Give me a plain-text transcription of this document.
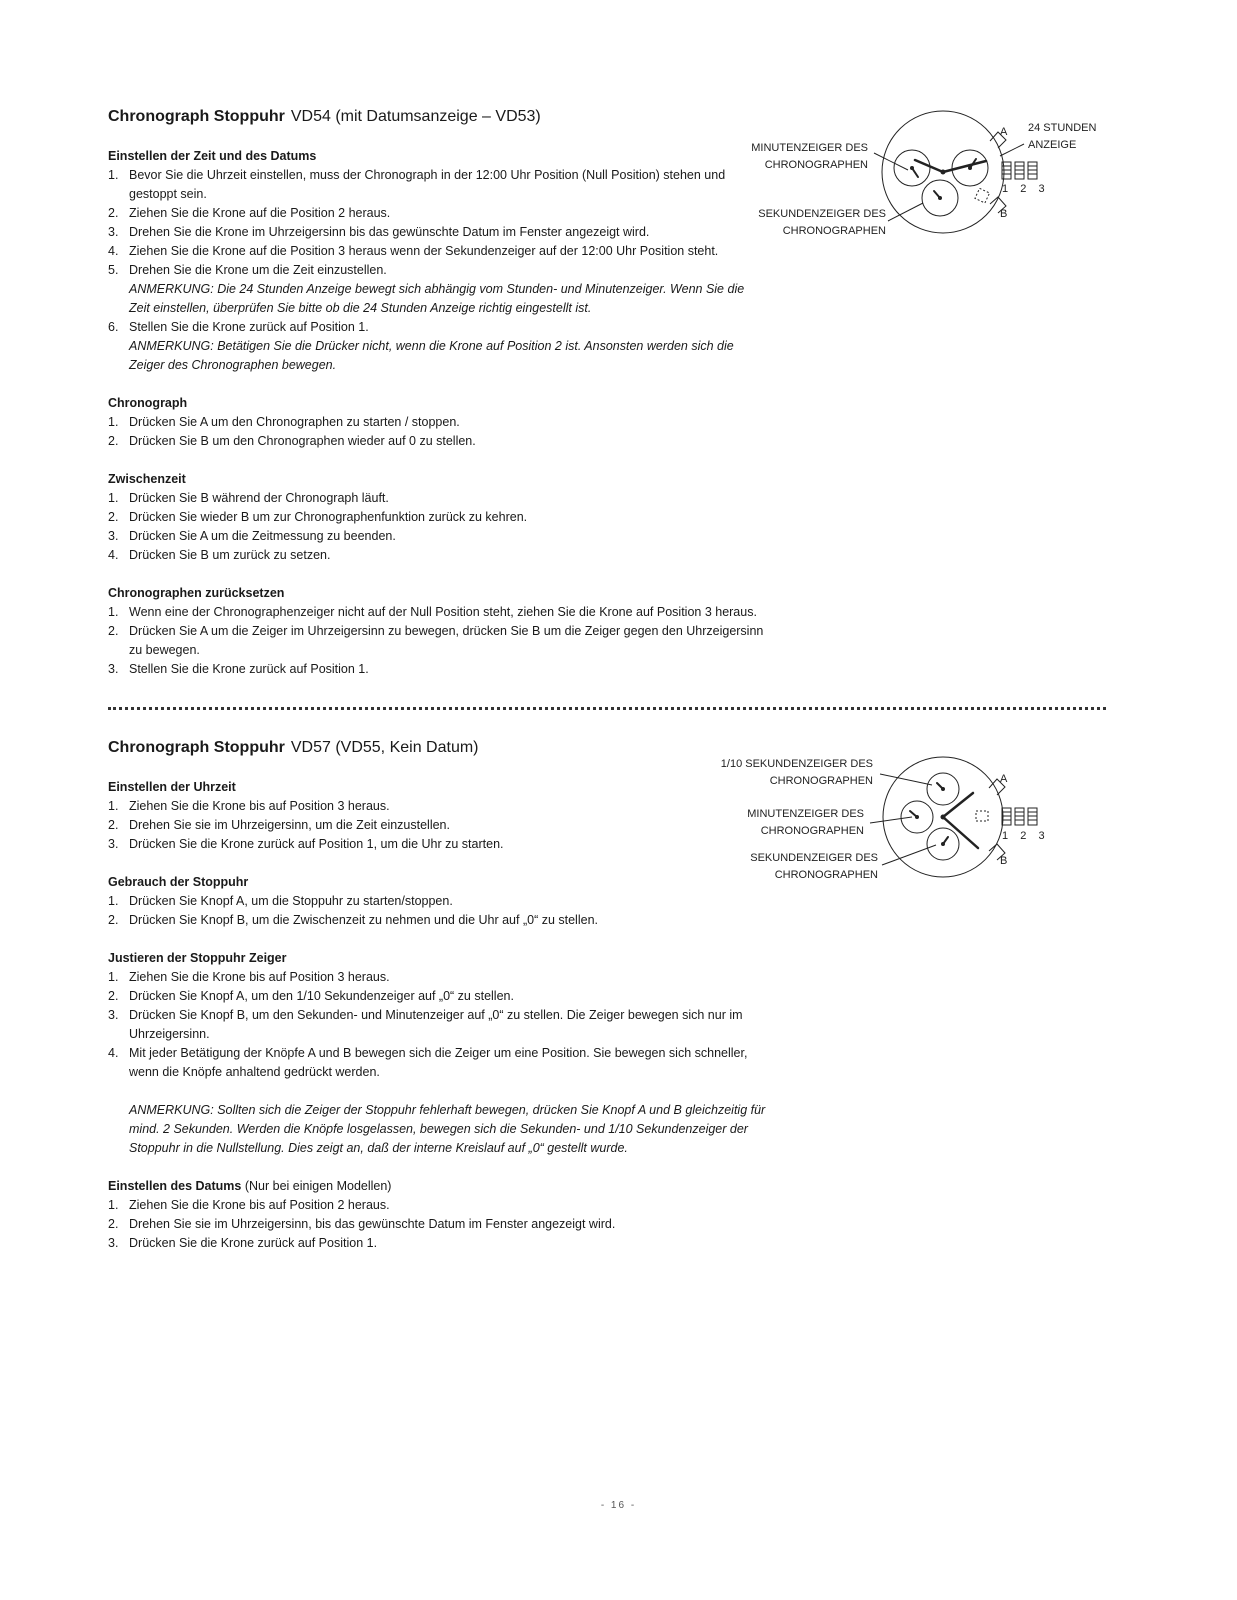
Chronograph Stoppuhr VD54 (mit Datumsanzeige – VD53)

Einstellen der Zeit und des Datums

1. Bevor Sie die Uhrzeit einstellen, muss der Chronograph in der 12:00 Uhr Position (Null Position) stehen und gestoppt sein.
2. Ziehen Sie die Krone auf die Position 2 heraus.
3. Drehen Sie die Krone im Uhrzeigersinn bis das gewünschte Datum im Fenster angezeigt wird.
4. Ziehen Sie die Krone auf die Position 3 heraus wenn der Sekundenzeiger auf der 12:00 Uhr Position steht.
5. Drehen Sie die Krone um die Zeit einzustellen.
ANMERKUNG: Die 24 Stunden Anzeige bewegt sich abhängig vom Stunden- und Minutenzeiger. Wenn Sie die Zeit einstellen, überprüfen Sie bitte ob die 24 Stunden Anzeige richtig eingestellt ist.
6. Stellen Sie die Krone zurück auf Position 1.
ANMERKUNG: Betätigen Sie die Drücker nicht, wenn die Krone auf Position 2 ist. Ansonsten werden sich die Zeiger des Chronographen bewegen.

Chronograph

1. Drücken Sie A um den Chronographen zu starten / stoppen.
2. Drücken Sie B um den Chronographen wieder auf 0 zu stellen.

Zwischenzeit

1. Drücken Sie B während der Chronograph läuft.
2. Drücken Sie wieder B um zur Chronographenfunktion zurück zu kehren.
3. Drücken Sie A um die Zeitmessung zu beenden.
4. Drücken Sie B um zurück zu setzen.

Chronographen zurücksetzen

1. Wenn eine der Chronographenzeiger nicht auf der Null Position steht, ziehen Sie die Krone auf Position 3 heraus.
2. Drücken Sie A um die Zeiger im Uhrzeigersinn zu bewegen, drücken Sie B um die Zeiger gegen den Uhrzeigersinn zu bewegen.
3. Stellen Sie die Krone zurück auf Position 1.
MINUTENZEIGER DES
CHRONOGRAPHEN
SEKUNDENZEIGER DES
CHRONOGRAPHEN
24 STUNDEN
ANZEIGE
A
B
1  2  3
Chronograph Stoppuhr VD57 (VD55, Kein Datum)

Einstellen der Uhrzeit

1. Ziehen Sie die Krone bis auf Position 3 heraus.
2. Drehen Sie sie im Uhrzeigersinn, um die Zeit einzustellen.
3. Drücken Sie die Krone zurück auf Position 1, um die Uhr zu starten.

Gebrauch der Stoppuhr

1. Drücken Sie Knopf A, um die Stoppuhr zu starten/stoppen.
2. Drücken Sie Knopf B, um die Zwischenzeit zu nehmen und die Uhr auf „0“ zu stellen.

Justieren der Stoppuhr Zeiger

1. Ziehen Sie die Krone bis auf Position 3 heraus.
2. Drücken Sie Knopf A, um den 1/10 Sekundenzeiger auf „0“ zu stellen.
3. Drücken Sie Knopf B, um den Sekunden- und Minutenzeiger auf „0“ zu stellen. Die Zeiger bewegen sich nur im Uhrzeigersinn.
4. Mit jeder Betätigung der Knöpfe A und B bewegen sich die Zeiger um eine Position. Sie bewegen sich schneller, wenn die Knöpfe anhaltend gedrückt werden.
ANMERKUNG: Sollten sich die Zeiger der Stoppuhr fehlerhaft bewegen, drücken Sie Knopf A und B gleichzeitig für mind. 2 Sekunden. Werden die Knöpfe losgelassen, bewegen sich die Sekunden- und 1/10 Sekundenzeiger der Stoppuhr in die Nullstellung. Dies zeigt an, daß der interne Kreislauf auf „0“ gestellt wurde.

Einstellen des Datums (Nur bei einigen Modellen)

1. Ziehen Sie die Krone bis auf Position 2 heraus.
2. Drehen Sie sie im Uhrzeigersinn, bis das gewünschte Datum im Fenster angezeigt wird.
3. Drücken Sie die Krone zurück auf Position 1.
1/10 SEKUNDENZEIGER DES
CHRONOGRAPHEN
MINUTENZEIGER DES
CHRONOGRAPHEN
SEKUNDENZEIGER DES
CHRONOGRAPHEN
A
B
1  2  3
- 16 -
